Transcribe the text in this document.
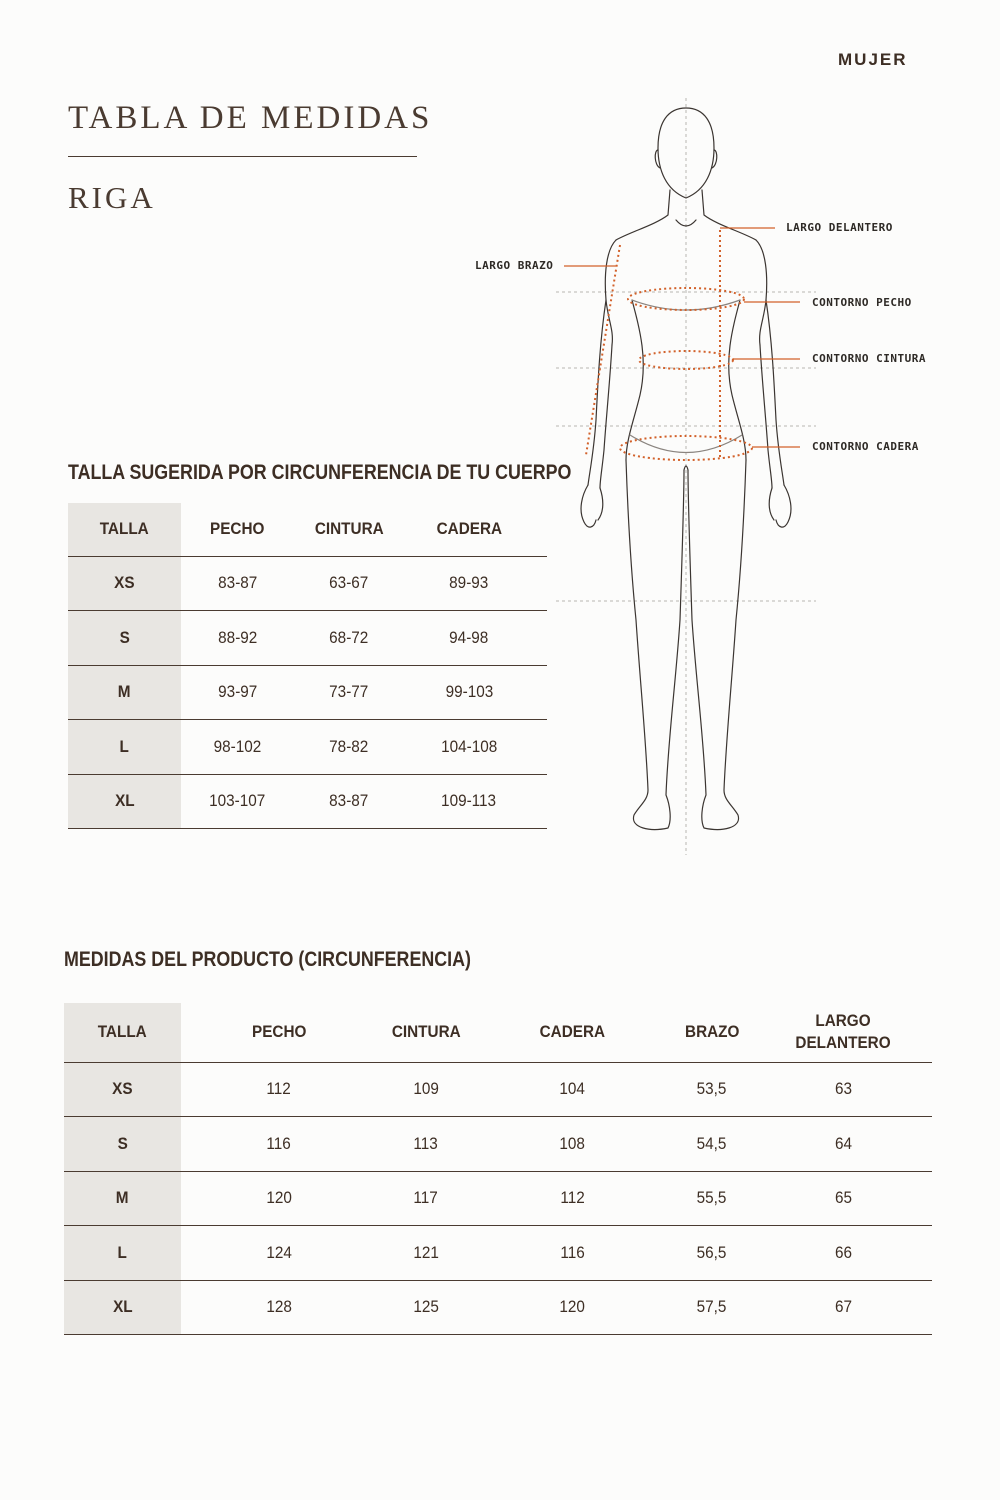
MUJER
TABLA DE MEDIDAS
RIGA
LARGO DELANTERO
LARGO BRAZO
CONTORNO PECHO
CONTORNO CINTURA
CONTORNO CADERA
TALLA SUGERIDA POR CIRCUNFERENCIA DE TU CUERPO
TALLA	PECHO	CINTURA	CADERA	
XS	83-87	63-67	89-93	
S	88-92	68-72	94-98	
M	93-97	73-77	99-103	
L	98-102	78-82	104-108	
XL	103-107	83-87	109-113	
MEDIDAS DEL PRODUCTO (CIRCUNFERENCIA)
TALLA	PECHO	CINTURA	CADERA	BRAZO	LARGO DELANTERO
XS	112	109	104	53,5	63
S	116	113	108	54,5	64
M	120	117	112	55,5	65
L	124	121	116	56,5	66
XL	128	125	120	57,5	67
